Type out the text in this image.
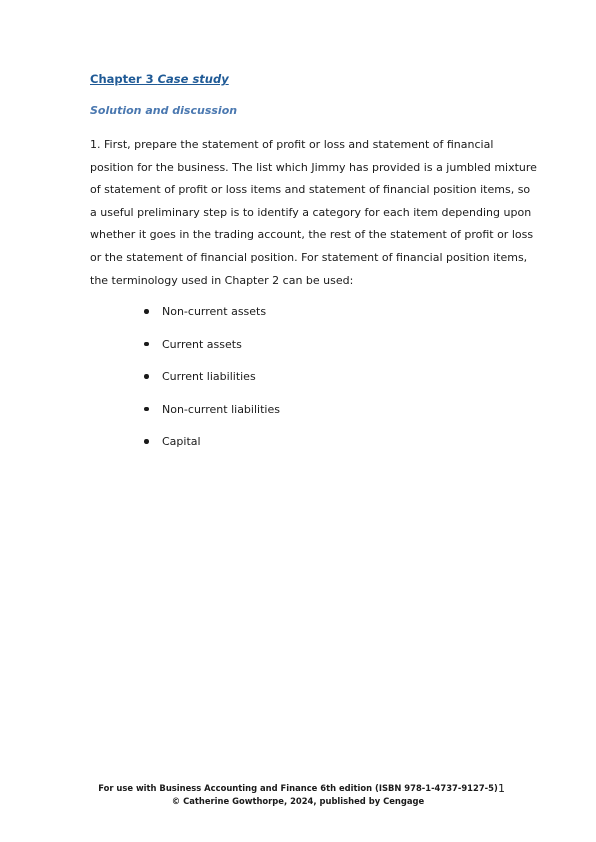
Chapter 3 Case study
Solution and discussion
1. First, prepare the statement of profit or loss and statement of financial
position for the business. The list which Jimmy has provided is a jumbled mixture
of statement of profit or loss items and statement of financial position items, so
a useful preliminary step is to identify a category for each item depending upon
whether it goes in the trading account, the rest of the statement of profit or loss
or the statement of financial position. For statement of financial position items,
the terminology used in Chapter 2 can be used:
Non-current assets
Current assets
Current liabilities
Non-current liabilities
Capital
For use with Business Accounting and Finance 6th edition (ISBN 978-1-4737-9127-5)
© Catherine Gowthorpe, 2024, published by Cengage
1
